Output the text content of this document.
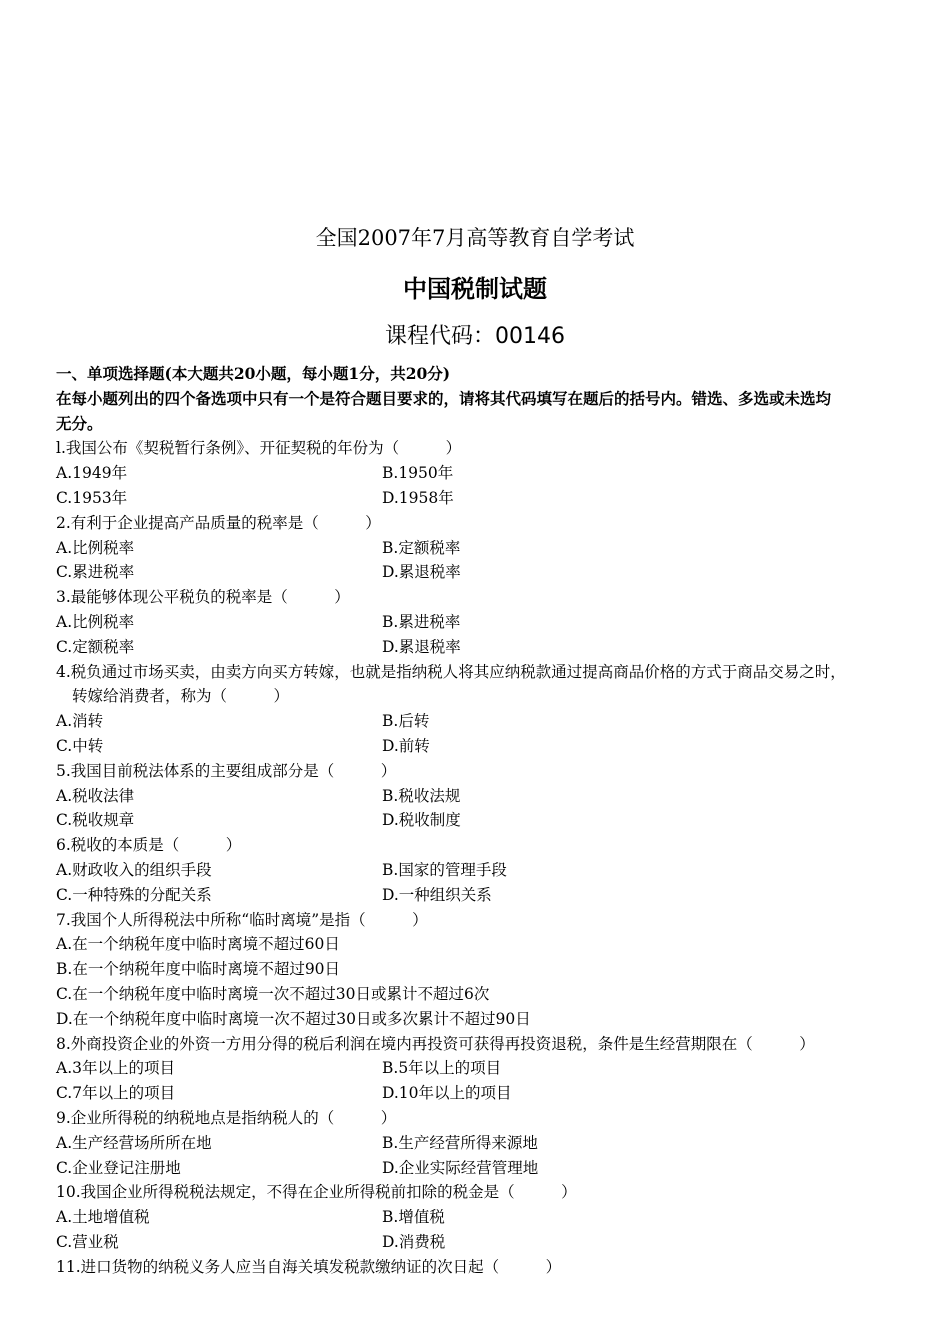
全国2007年7月高等教育自学考试
中国税制试题
课程代码：00146
一、单项选择题(本大题共20小题，每小题1分，共20分)
在每小题列出的四个备选项中只有一个是符合题目要求的，请将其代码填写在题后的括号内。错选、多选或未选均
无分。
l.我国公布《契税暂行条例》、开征契税的年份为（　　　）
A.1949年	B.1950年
C.1953年	D.1958年
2.有利于企业提高产品质量的税率是（　　　）
A.比例税率	B.定额税率
C.累进税率	D.累退税率
3.最能够体现公平税负的税率是（　　　）
A.比例税率	B.累进税率
C.定额税率	D.累退税率
4.税负通过市场买卖，由卖方向买方转嫁，也就是指纳税人将其应纳税款通过提高商品价格的方式于商品交易之时，
转嫁给消费者，称为（　　　）
A.消转	B.后转
C.中转	D.前转
5.我国目前税法体系的主要组成部分是（　　　）
A.税收法律	B.税收法规
C.税收规章	D.税收制度
6.税收的本质是（　　　）
A.财政收入的组织手段	B.国家的管理手段
C.一种特殊的分配关系	D.一种组织关系
7.我国个人所得税法中所称“临时离境”是指（　　　）
A.在一个纳税年度中临时离境不超过60日
B.在一个纳税年度中临时离境不超过90日
C.在一个纳税年度中临时离境一次不超过30日或累计不超过6次
D.在一个纳税年度中临时离境一次不超过30日或多次累计不超过90日
8.外商投资企业的外资一方用分得的税后利润在境内再投资可获得再投资退税，条件是生经营期限在（　　　）
A.3年以上的项目	B.5年以上的项目
C.7年以上的项目	D.10年以上的项目
9.企业所得税的纳税地点是指纳税人的（　　　）
A.生产经营场所所在地	B.生产经营所得来源地
C.企业登记注册地	D.企业实际经营管理地
10.我国企业所得税税法规定，不得在企业所得税前扣除的税金是（　　　）
A.土地增值税	B.增值税
C.营业税	D.消费税
11.进口货物的纳税义务人应当自海关填发税款缴纳证的次日起（　　　）
